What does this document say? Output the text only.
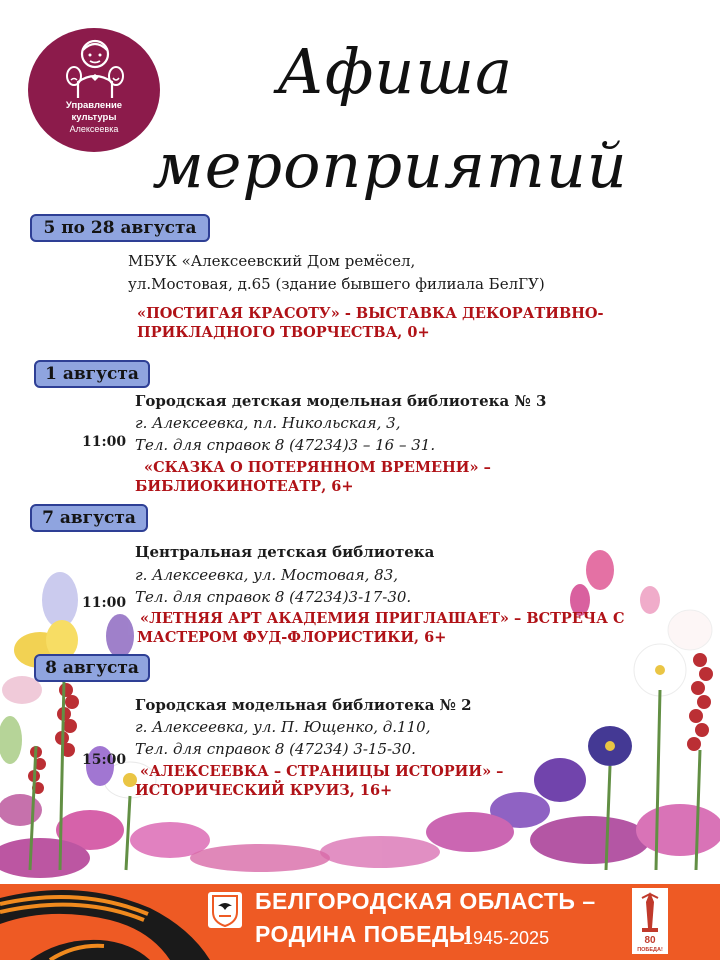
Управление
культуры
Алексеевка
Афиша
мероприятий
5 по 28 августа
МБУК «Алексеевский Дом ремёсел,
ул.Мостовая, д.65 (здание бывшего филиала БелГУ)
«ПОСТИГАЯ КРАСОТУ» - ВЫСТАВКА ДЕКОРАТИВНО-
ПРИКЛАДНОГО ТВОРЧЕСТВА, 0+
1 августа
Городская детская модельная библиотека № 3
г. Алексеевка, пл. Никольская, 3,
Тел. для справок 8 (47234)3 – 16 – 31.
11:00
«СКАЗКА О ПОТЕРЯННОМ ВРЕМЕНИ» –
БИБЛИОКИНОТЕАТР, 6+
7 августа
Центральная детская библиотека
г. Алексеевка, ул. Мостовая, 83,
Тел. для справок 8 (47234)3-17-30.
11:00
«ЛЕТНЯЯ АРТ АКАДЕМИЯ ПРИГЛАШАЕТ» – ВСТРЕЧА С
МАСТЕРОМ ФУД-ФЛОРИСТИКИ, 6+
8 августа
Городская модельная библиотека № 2
г. Алексеевка, ул. П. Ющенко, д.110,
Тел. для справок 8 (47234) 3-15-30.
15:00
«АЛЕКСЕЕВКА – СТРАНИЦЫ ИСТОРИИ» –
ИСТОРИЧЕСКИЙ КРУИЗ, 16+
БЕЛГОРОДСКАЯ ОБЛАСТЬ –
РОДИНА ПОБЕДЫ
1945-2025	80
ПОБЕДА!
